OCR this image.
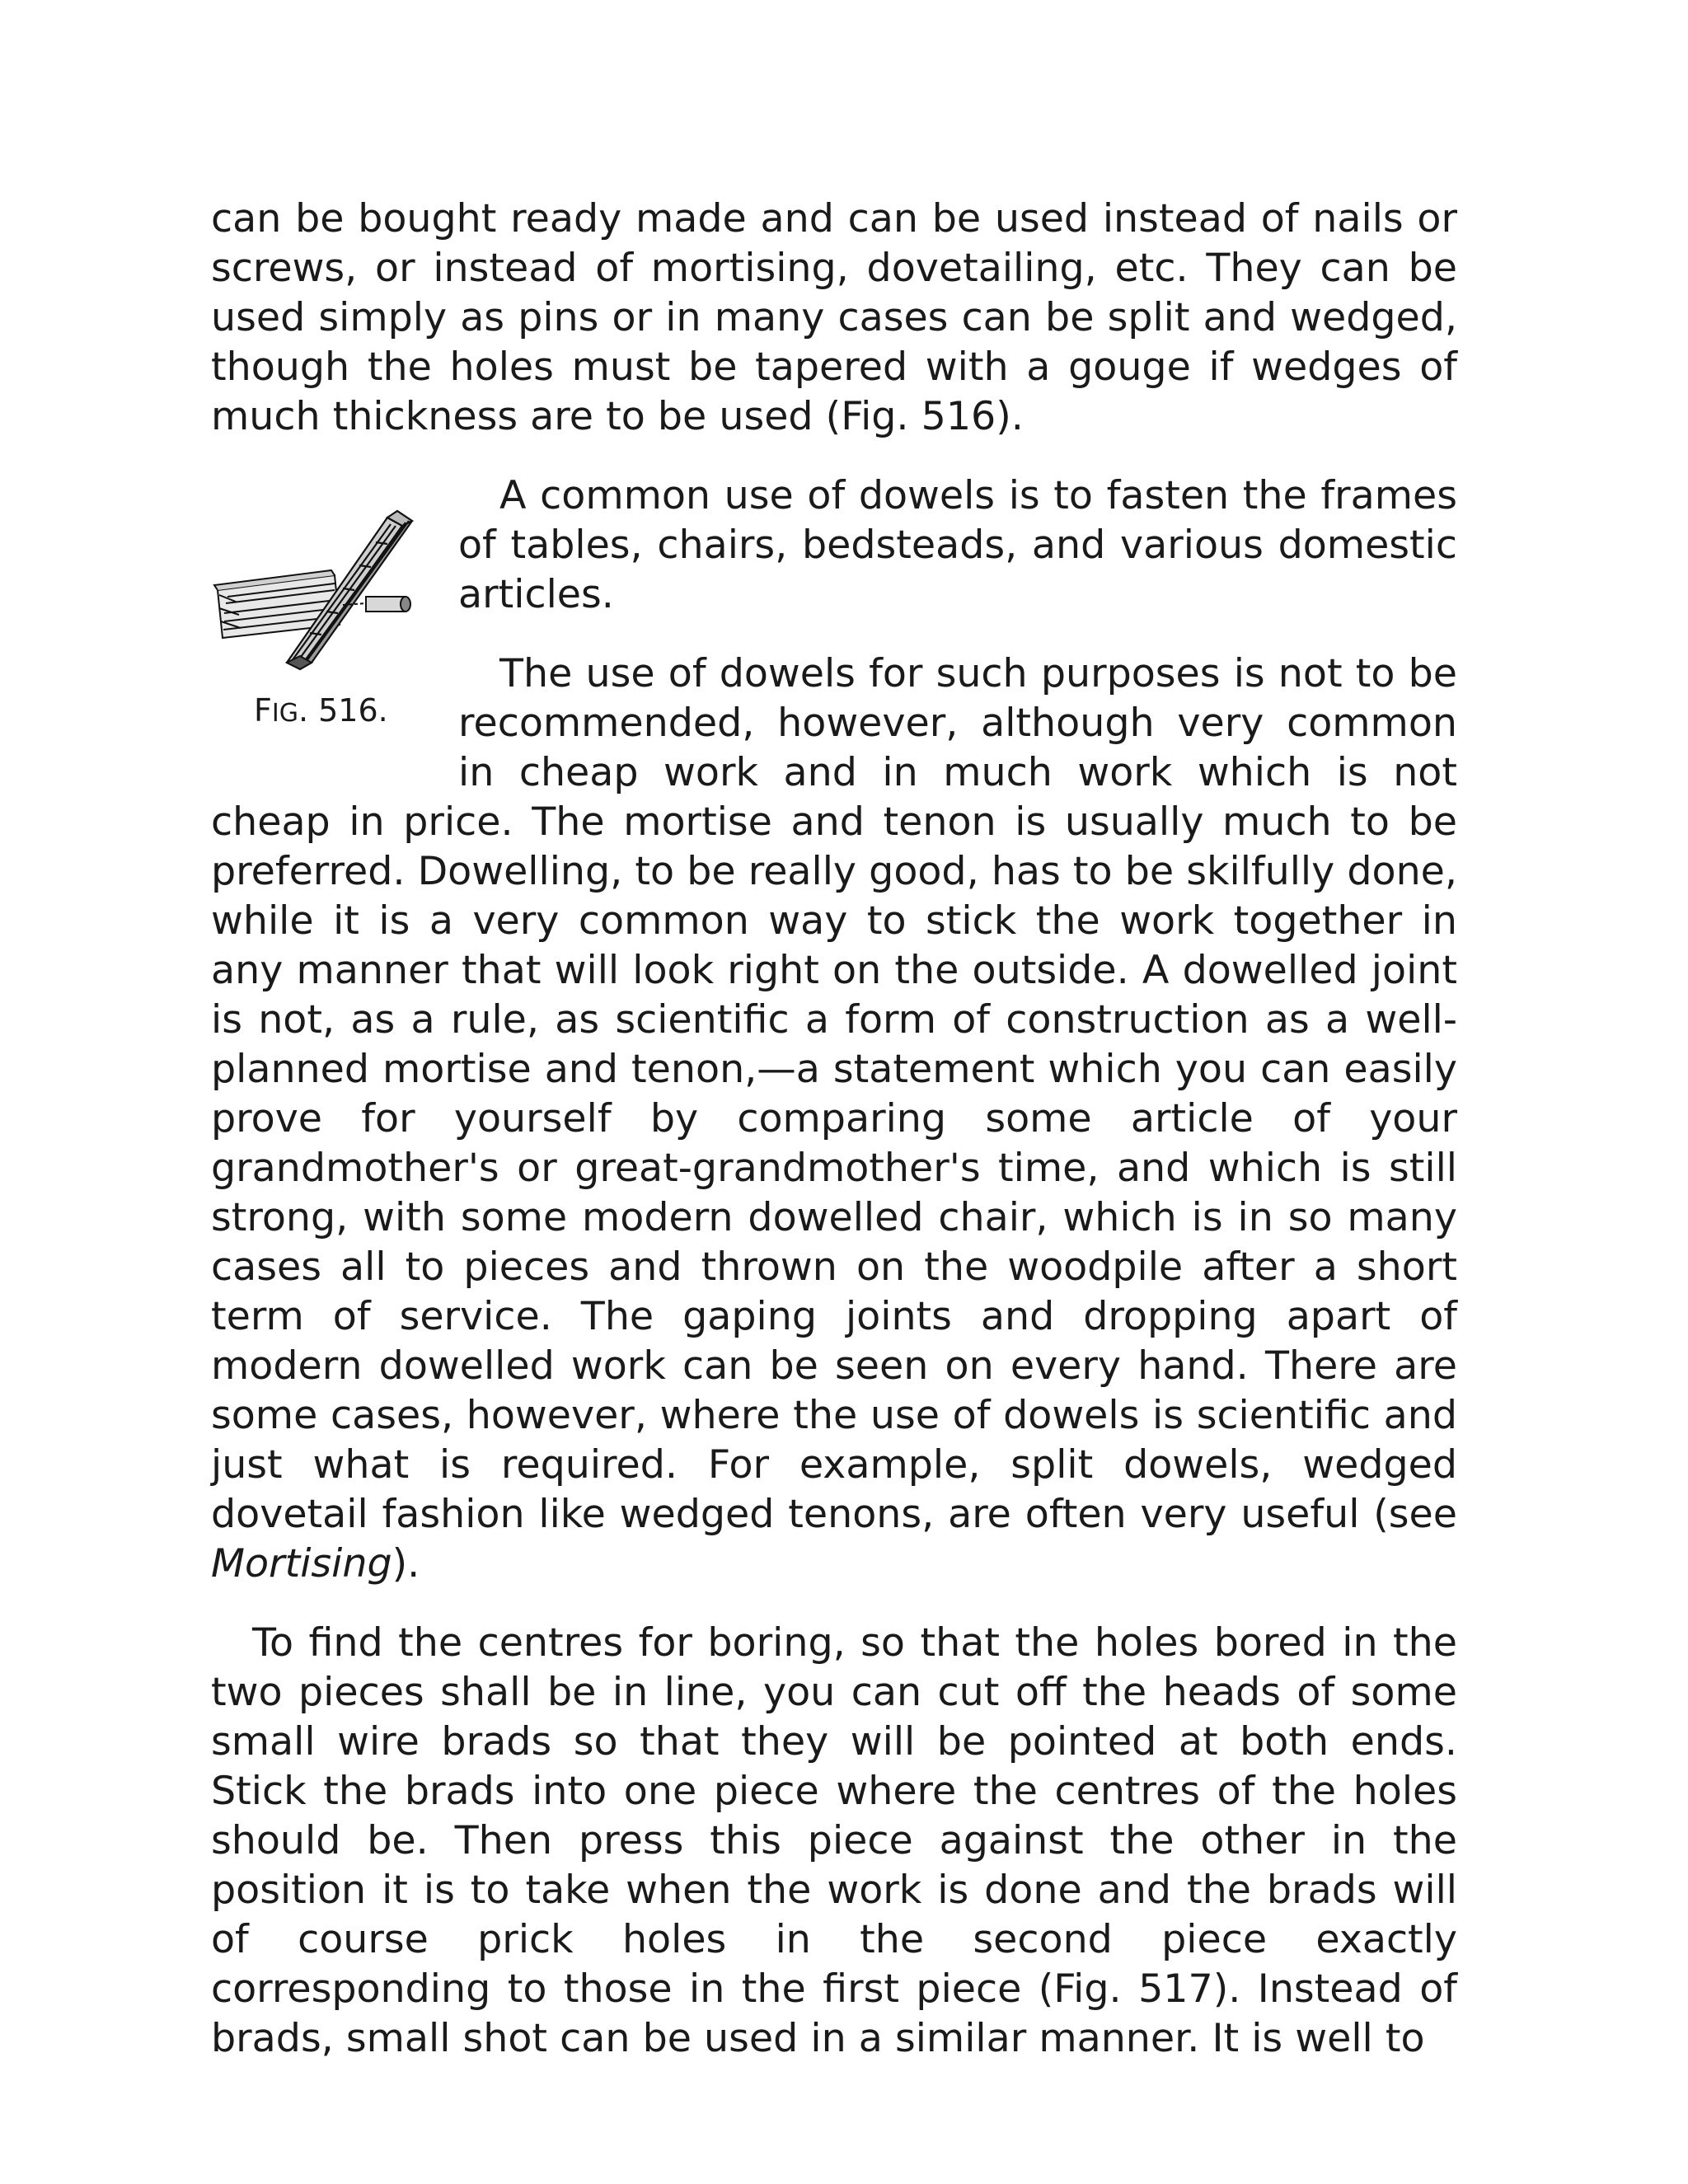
can be bought ready made and can be used instead of nails or screws, or instead of mortising, dovetailing, etc. They can be used simply as pins or in many cases can be split and wedged, though the holes must be tapered with a gouge if wedges of much thickness are to be used (Fig. 516).

FIG. 516.

A common use of dowels is to fasten the frames of tables, chairs, bedsteads, and various domestic articles.

The use of dowels for such purposes is not to be recommended, however, although very common in cheap work and in much work which is not cheap in price. The mortise and tenon is usually much to be preferred. Dowelling, to be really good, has to be skilfully done, while it is a very common way to stick the work together in any manner that will look right on the outside. A dowelled joint is not, as a rule, as scientific a form of construction as a well-planned mortise and tenon,—a statement which you can easily prove for yourself by comparing some article of your grandmother's or great-grandmother's time, and which is still strong, with some modern dowelled chair, which is in so many cases all to pieces and thrown on the woodpile after a short term of service. The gaping joints and dropping apart of modern dowelled work can be seen on every hand. There are some cases, however, where the use of dowels is scientific and just what is required. For example, split dowels, wedged dovetail fashion like wedged tenons, are often very useful (see Mortising).

To find the centres for boring, so that the holes bored in the two pieces shall be in line, you can cut off the heads of some small wire brads so that they will be pointed at both ends. Stick the brads into one piece where the centres of the holes should be. Then press this piece against the other in the position it is to take when the work is done and the brads will of course prick holes in the second piece exactly corresponding to those in the first piece (Fig. 517). Instead of brads, small shot can be used in a similar manner. It is well to
